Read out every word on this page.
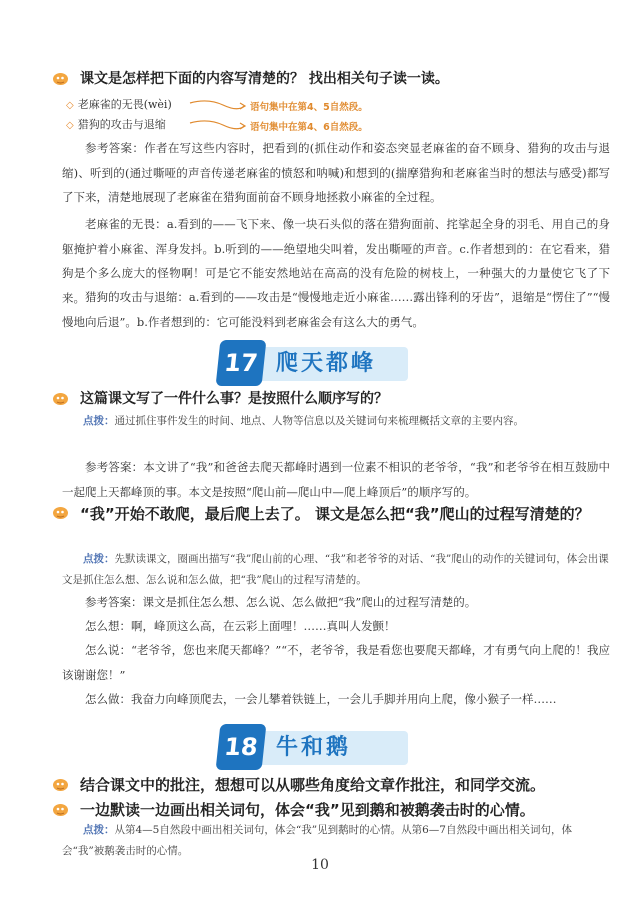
课文是怎样把下面的内容写清楚的？ 找出相关句子读一读。
◇ 老麻雀的无畏(wèi)	语句集中在第4、5自然段。
◇ 猎狗的攻击与退缩	语句集中在第4、6自然段。
参考答案：作者在写这些内容时，把看到的(抓住动作和姿态突显老麻雀的奋不顾身、猎狗的攻击与退缩)、听到的(通过嘶哑的声音传递老麻雀的愤怒和呐喊)和想到的(揣摩猎狗和老麻雀当时的想法与感受)都写了下来，清楚地展现了老麻雀在猎狗面前奋不顾身地拯救小麻雀的全过程。
老麻雀的无畏：a.看到的——飞下来、像一块石头似的落在猎狗面前、挓挲起全身的羽毛、用自己的身躯掩护着小麻雀、浑身发抖。b.听到的——绝望地尖叫着，发出嘶哑的声音。c.作者想到的：在它看来，猎狗是个多么庞大的怪物啊！可是它不能安然地站在高高的没有危险的树枝上，一种强大的力量使它飞了下来。 猎狗的攻击与退缩：a.看到的——攻击是“慢慢地走近小麻雀……露出锋利的牙齿”，退缩是“愣住了”“慢慢地向后退”。b.作者想到的：它可能没料到老麻雀会有这么大的勇气。
17 爬天都峰
这篇课文写了一件什么事？是按照什么顺序写的？
点拨：通过抓住事件发生的时间、地点、人物等信息以及关键词句来梳理概括文章的主要内容。
参考答案：本文讲了“我”和爸爸去爬天都峰时遇到一位素不相识的老爷爷，“我”和老爷爷在相互鼓励中一起爬上天都峰顶的事。本文是按照“爬山前—爬山中—爬上峰顶后”的顺序写的。
“我”开始不敢爬，最后爬上去了。 课文是怎么把“我”爬山的过程写清楚的？
点拨：先默读课文，圈画出描写“我”爬山前的心理、“我”和老爷爷的对话、“我”爬山的动作的关键词句，体会出课文是抓住怎么想、怎么说和怎么做，把“我”爬山的过程写清楚的。
参考答案：课文是抓住怎么想、怎么说、怎么做把“我”爬山的过程写清楚的。
怎么想：啊，峰顶这么高，在云彩上面哩！……真叫人发颤！
怎么说：“老爷爷，您也来爬天都峰？”“不，老爷爷，我是看您也要爬天都峰，才有勇气向上爬的！我应该谢谢您！”
怎么做：我奋力向峰顶爬去，一会儿攀着铁链上，一会儿手脚并用向上爬，像小猴子一样……
18 牛和鹅
结合课文中的批注，想想可以从哪些角度给文章作批注，和同学交流。
一边默读一边画出相关词句，体会“我”见到鹅和被鹅袭击时的心情。
点拨：从第4—5自然段中画出相关词句，体会“我”见到鹅时的心情。从第6—7自然段中画出相关词句，体会“我”被鹅袭击时的心情。
10
